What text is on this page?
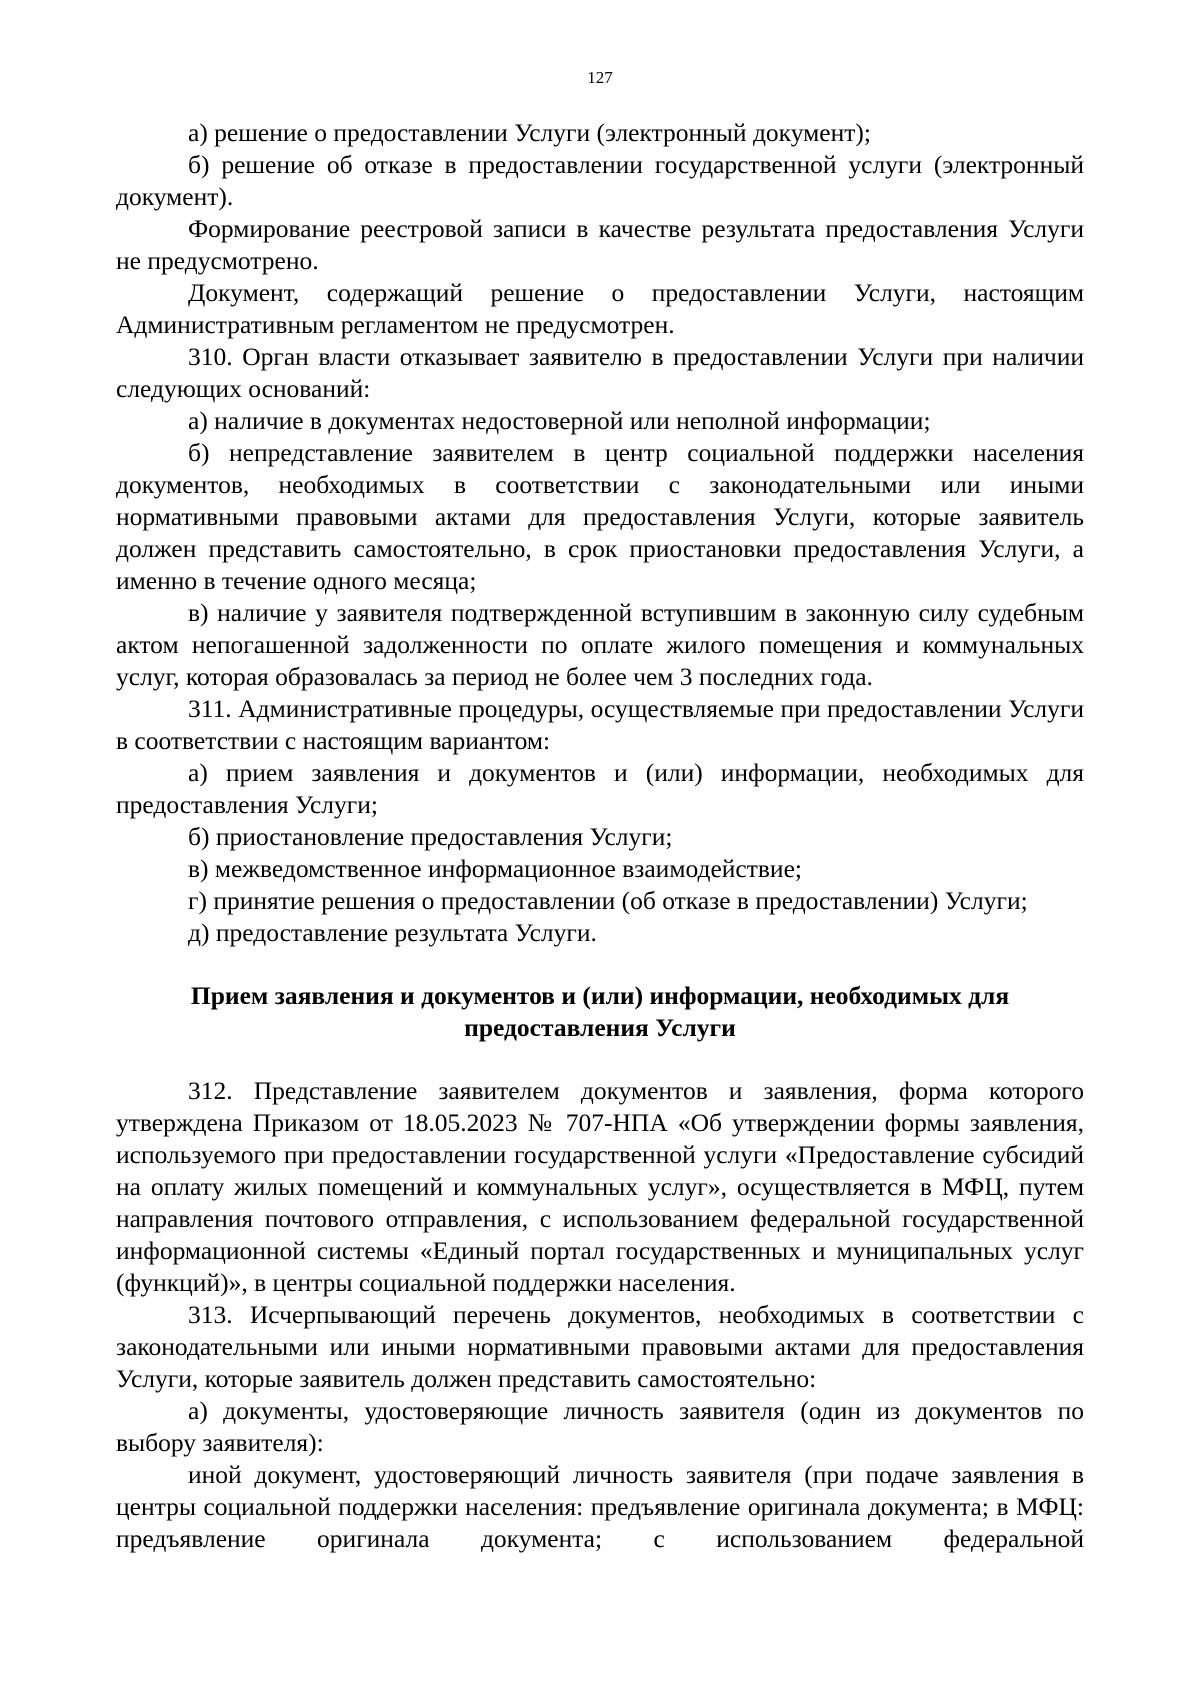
127

а) решение о предоставлении Услуги (электронный документ);

б) решение об отказе в предоставлении государственной услуги (электронный документ).

Формирование реестровой записи в качестве результата предоставления Услуги не предусмотрено.

Документ, содержащий решение о предоставлении Услуги, настоящим Административным регламентом не предусмотрен.

310. Орган власти отказывает заявителю в предоставлении Услуги при наличии следующих оснований:

а) наличие в документах недостоверной или неполной информации;

б) непредставление заявителем в центр социальной поддержки населения документов, необходимых в соответствии с законодательными или иными нормативными правовыми актами для предоставления Услуги, которые заявитель должен представить самостоятельно, в срок приостановки предоставления Услуги, а именно в течение одного месяца;

в) наличие у заявителя подтвержденной вступившим в законную силу судебным актом непогашенной задолженности по оплате жилого помещения и коммунальных услуг, которая образовалась за период не более чем 3 последних года.

311. Административные процедуры, осуществляемые при предоставлении Услуги в соответствии с настоящим вариантом:

а) прием заявления и документов и (или) информации, необходимых для предоставления Услуги;

б) приостановление предоставления Услуги;

в) межведомственное информационное взаимодействие;

г) принятие решения о предоставлении (об отказе в предоставлении) Услуги;

д) предоставление результата Услуги.

Прием заявления и документов и (или) информации, необходимых для предоставления Услуги

312. Представление заявителем документов и заявления, форма которого утверждена Приказом от 18.05.2023 № 707-НПА «Об утверждении формы заявления, используемого при предоставлении государственной услуги «Предоставление субсидий на оплату жилых помещений и коммунальных услуг», осуществляется в МФЦ, путем направления почтового отправления, с использованием федеральной государственной информационной системы «Единый портал государственных и муниципальных услуг (функций)», в центры социальной поддержки населения.

313. Исчерпывающий перечень документов, необходимых в соответствии с законодательными или иными нормативными правовыми актами для предоставления Услуги, которые заявитель должен представить самостоятельно:

а) документы, удостоверяющие личность заявителя (один из документов по выбору заявителя):

иной документ, удостоверяющий личность заявителя (при подаче заявления в центры социальной поддержки населения: предъявление оригинала документа; в МФЦ: предъявление оригинала документа; с использованием федеральной
